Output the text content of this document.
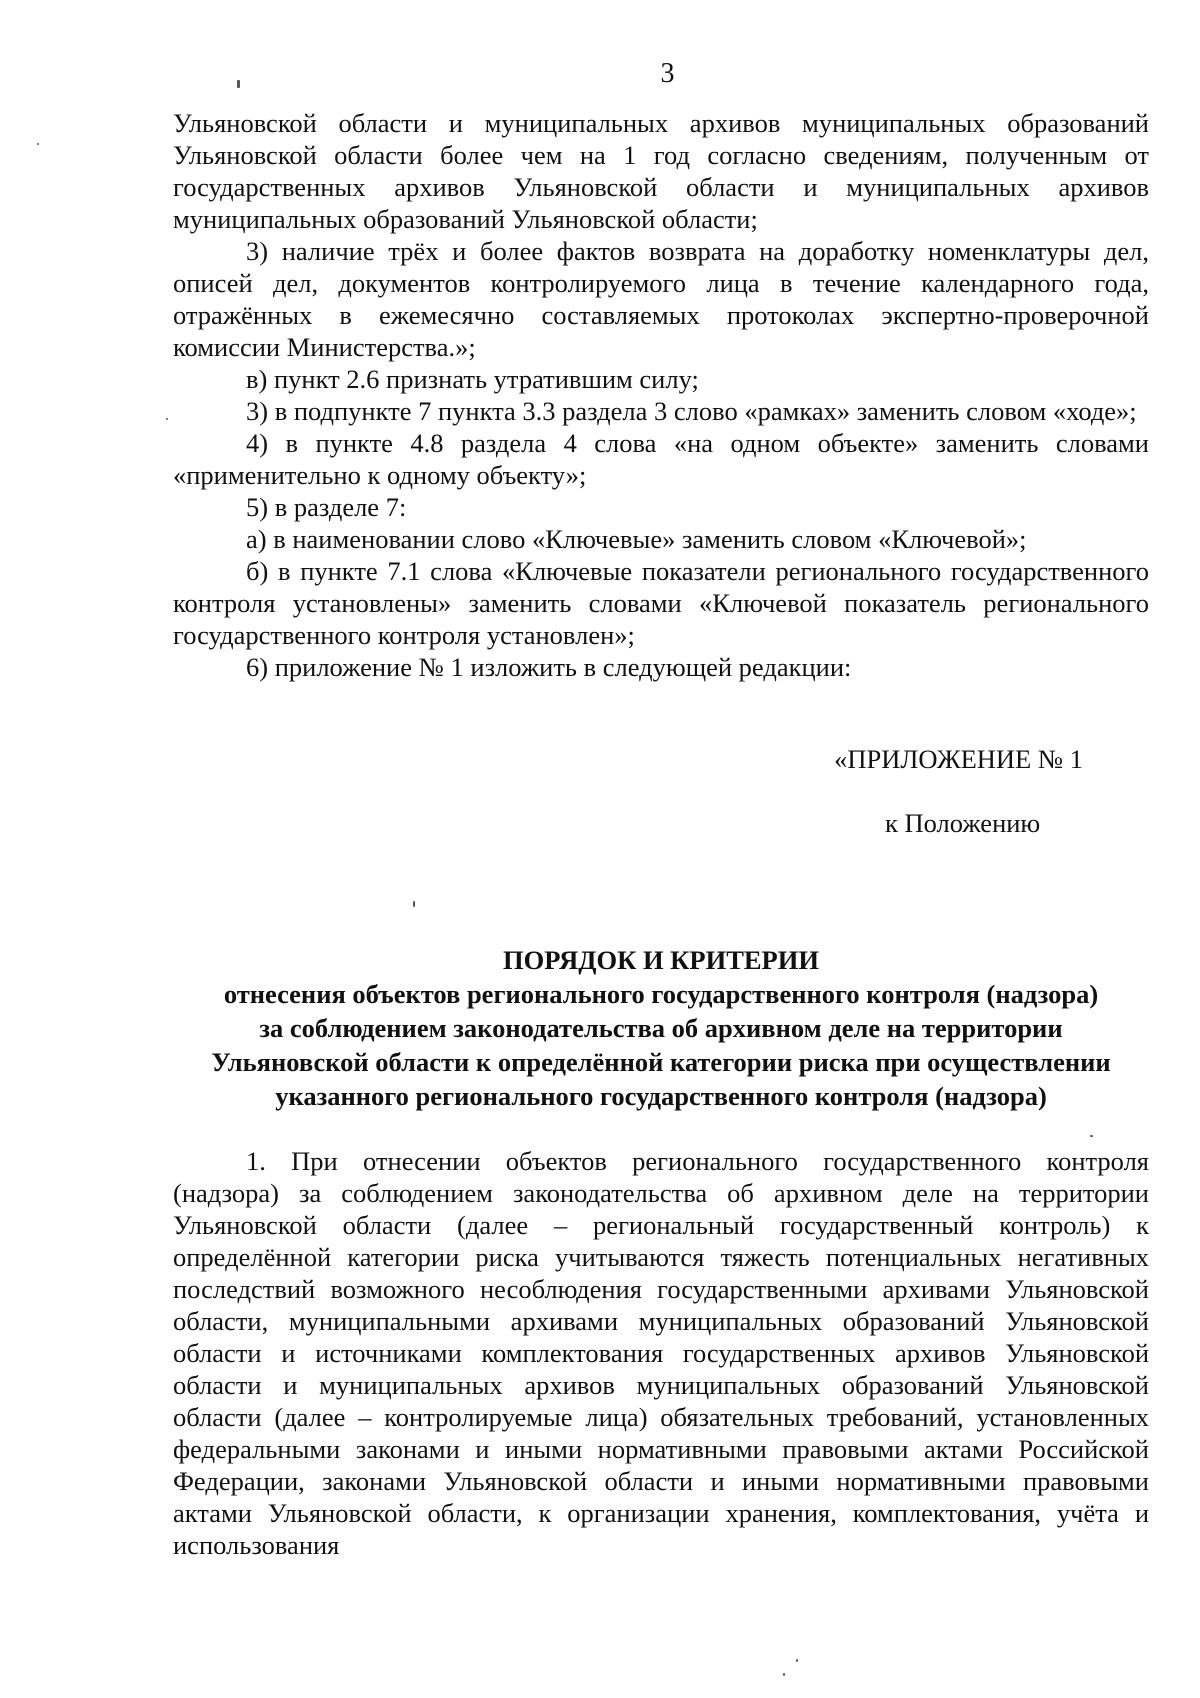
3

Ульяновской области и муниципальных архивов муниципальных образований Ульяновской области более чем на 1 год согласно сведениям, полученным от государственных архивов Ульяновской области и муниципальных архивов муниципальных образований Ульяновской области;

3) наличие трёх и более фактов возврата на доработку номенклатуры дел, описей дел, документов контролируемого лица в течение календарного года, отражённых в ежемесячно составляемых протоколах экспертно-проверочной комиссии Министерства.»;

в) пункт 2.6 признать утратившим силу;

3) в подпункте 7 пункта 3.3 раздела 3 слово «рамках» заменить словом «ходе»;

4) в пункте 4.8 раздела 4 слова «на одном объекте» заменить словами «применительно к одному объекту»;

5) в разделе 7:

а) в наименовании слово «Ключевые» заменить словом «Ключевой»;

б) в пункте 7.1 слова «Ключевые показатели регионального государственного контроля установлены» заменить словами «Ключевой показатель регионального государственного контроля установлен»;

6) приложение № 1 изложить в следующей редакции:

«ПРИЛОЖЕНИЕ № 1
к Положению
ПОРЯДОК И КРИТЕРИИ
отнесения объектов регионального государственного контроля (надзора)
за соблюдением законодательства об архивном деле на территории
Ульяновской области к определённой категории риска при осуществлении
указанного регионального государственного контроля (надзора)

1. При отнесении объектов регионального государственного контроля (надзора) за соблюдением законодательства об архивном деле на территории Ульяновской области (далее – региональный государственный контроль) к определённой категории риска учитываются тяжесть потенциальных негативных последствий возможного несоблюдения государственными архивами Ульяновской области, муниципальными архивами муниципальных образований Ульяновской области и источниками комплектования государственных архивов Ульяновской области и муниципальных архивов муниципальных образований Ульяновской области (далее – контролируемые лица) обязательных требований, установленных федеральными законами и иными нормативными правовыми актами Российской Федерации, законами Ульяновской области и иными нормативными правовыми актами Ульяновской области, к организации хранения, комплектования, учёта и использования
